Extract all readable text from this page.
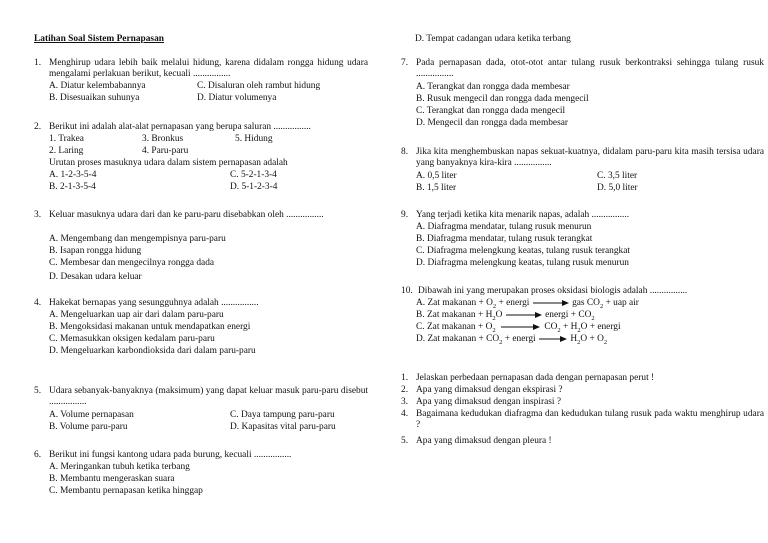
Latihan Soal Sistem Pernapasan
1. Menghirup udara lebih baik melalui hidung, karena didalam rongga hidung udara mengalami perlakuan berikut, kecuali ................
A. Diatur kelembabannya
B. Disesuaikan suhunya
C. Disaluran oleh rambut hidung
D. Diatur volumenya
2. Berikut ini adalah alat-alat pernapasan yang berupa saluran ................
1. Trakea
2. Laring
3. Bronkus
4. Paru-paru
5. Hidung
Urutan proses masuknya udara dalam sistem pernapasan adalah
A. 1-2-3-5-4
B. 2-1-3-5-4
C. 5-2-1-3-4
D. 5-1-2-3-4
3. Keluar masuknya udara dari dan ke paru-paru disebabkan oleh ................
A. Mengembang dan mengempisnya paru-paru
B. Isapan rongga hidung
C. Membesar dan mengecilnya rongga dada
D. Desakan udara keluar
4. Hakekat bernapas yang sesungguhnya adalah ................
A. Mengeluarkan uap air dari dalam paru-paru
B. Mengoksidasi makanan untuk mendapatkan energi
C. Memasukkan oksigen kedalam paru-paru
D. Mengeluarkan karbondioksida dari dalam paru-paru
5. Udara sebanyak-banyaknya (maksimum) yang dapat keluar masuk paru-paru disebut ................
A. Volume pernapasan
B. Volume paru-paru
C. Daya tampung paru-paru
D. Kapasitas vital paru-paru
6. Berikut ini fungsi kantong udara pada burung, kecuali ................
A. Meringankan tubuh ketika terbang
B. Membantu mengeraskan suara
C. Membantu pernapasan ketika hinggap
D. Tempat cadangan udara ketika terbang
7. Pada pernapasan dada, otot-otot antar tulang rusuk berkontraksi sehingga tulang rusuk ................
A. Terangkat dan rongga dada membesar
B. Rusuk mengecil dan rongga dada mengecil
C. Terangkat dan rongga dada mengecil
D. Mengecil dan rongga dada membesar
8. Jika kita menghembuskan napas sekuat-kuatnya, didalam paru-paru kita masih tersisa udara yang banyaknya kira-kira ................
A. 0,5 liter
B. 1,5 liter
C. 3,5 liter
D. 5,0 liter
9. Yang terjadi ketika kita menarik napas, adalah ................
A. Diafragma mendatar, tulang rusuk menurun
B. Diafragma mendatar, tulang rusuk terangkat
C. Diafragma melengkung keatas, tulang rusuk terangkat
D. Diafragma melengkung keatas, tulang rusuk menurun
10. Dibawah ini yang merupakan proses oksidasi biologis adalah ................
A. Zat makanan + $O_2$ + energi	gas $CO_2$ + uap air
B. Zat makanan + $H_2O$	energi + $CO_2$
C. Zat makanan + $O_2$	$CO_2 + H_2O$ + energi
D. Zat makanan + $CO_2$ + energi	$H_2O + O_2$
1. Jelaskan perbedaan pernapasan dada dengan pernapasan perut !
2. Apa yang dimaksud dengan ekspirasi ?
3. Apa yang dimaksud dengan inspirasi ?
4. Bagaimana kedudukan diafragma dan kedudukan tulang rusuk pada waktu menghirup udara ?
5. Apa yang dimaksud dengan pleura !
